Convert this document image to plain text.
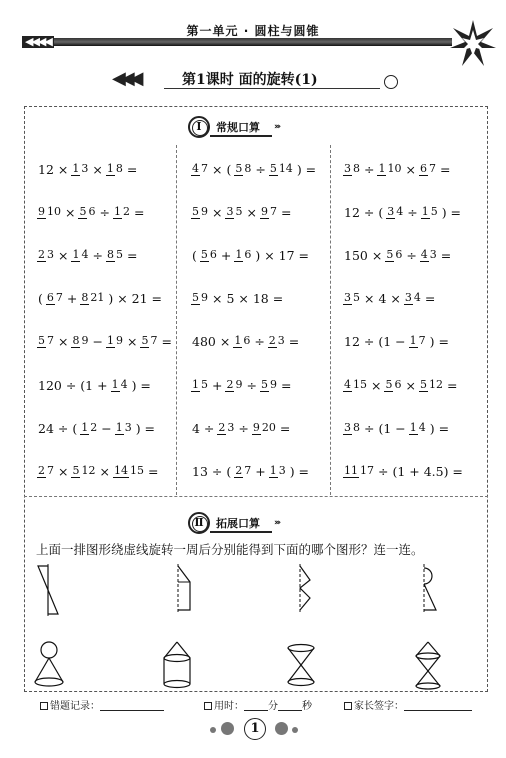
第一单元 · 圆柱与圆锥
◀◀◀◀
◀◀◀	第1课时 面的旋转(1)
Ⅰ	常规口算 ›››
12 × 1 3 × 1 8 =
9 10 × 5 6 ÷ 1 2 =
2 3 × 1 4 ÷ 8 5 =
( 6 7 + 8 21 ) × 21 =
5 7 × 8 9 − 1 9 × 5 7 =
120 ÷ (1 + 1 4 ) =
24 ÷ ( 1 2 − 1 3 ) =
2 7 × 5 12 × 14 15 =
4 7 × ( 5 8 ÷ 5 14 ) =
5 9 × 3 5 × 9 7 =
( 5 6 + 1 6 ) × 17 =
5 9 × 5 × 18 =
480 × 1 6 ÷ 2 3 =
1 5 + 2 9 ÷ 5 9 =
4 ÷ 2 3 ÷ 9 20 =
13 ÷ ( 2 7 + 1 3 ) =
3 8 ÷ 1 10 × 6 7 =
12 ÷ ( 3 4 ÷ 1 5 ) =
150 × 5 6 ÷ 4 3 =
3 5 × 4 × 3 4 =
12 ÷ (1 − 1 7 ) =
4 15 × 5 6 × 5 12 =
3 8 ÷ (1 − 1 4 ) =
11 17 ÷ (1 + 4.5) =
Ⅱ	拓展口算 ›››
上面一排图形绕虚线旋转一周后分别能得到下面的哪个图形？连一连。
错题记录：	用时： 分 秒	家长签字：
1
